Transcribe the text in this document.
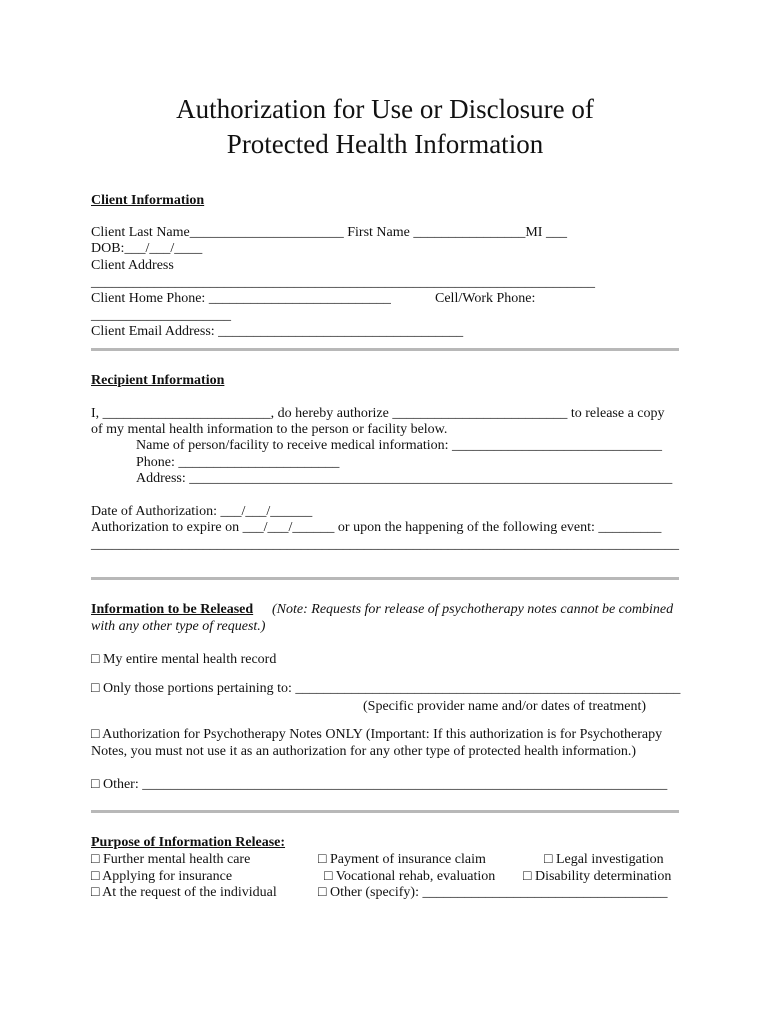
Authorization for Use or Disclosure of
Protected Health Information
Client Information
Client Last Name______________________ First Name ________________MI ___
DOB:___/___/____
Client Address
________________________________________________________________________
Client Home Phone: __________________________	Cell/Work Phone:
____________________
Client Email Address: ___________________________________
Recipient Information
I, ________________________, do hereby authorize _________________________ to release a copy
of my mental health information to the person or facility below.
Name of person/facility to receive medical information: ______________________________
Phone: _______________________
Address: _____________________________________________________________________
Date of Authorization: ___/___/______
Authorization to expire on ___/___/______ or upon the happening of the following event: _________
____________________________________________________________________________________
Information to be Released (Note: Requests for release of psychotherapy notes cannot be combined
with any other type of request.)
□ My entire mental health record
□ Only those portions pertaining to: _______________________________________________________
(Specific provider name and/or dates of treatment)
□ Authorization for Psychotherapy Notes ONLY (Important: If this authorization is for Psychotherapy
Notes, you must not use it as an authorization for any other type of protected health information.)
□ Other: ___________________________________________________________________________
Purpose of Information Release:
□ Further mental health care
□ Applying for insurance
□ At the request of the individual
□ Payment of insurance claim
□ Vocational rehab, evaluation
□ Other (specify): ___________________________________
□ Legal investigation
□ Disability determination
